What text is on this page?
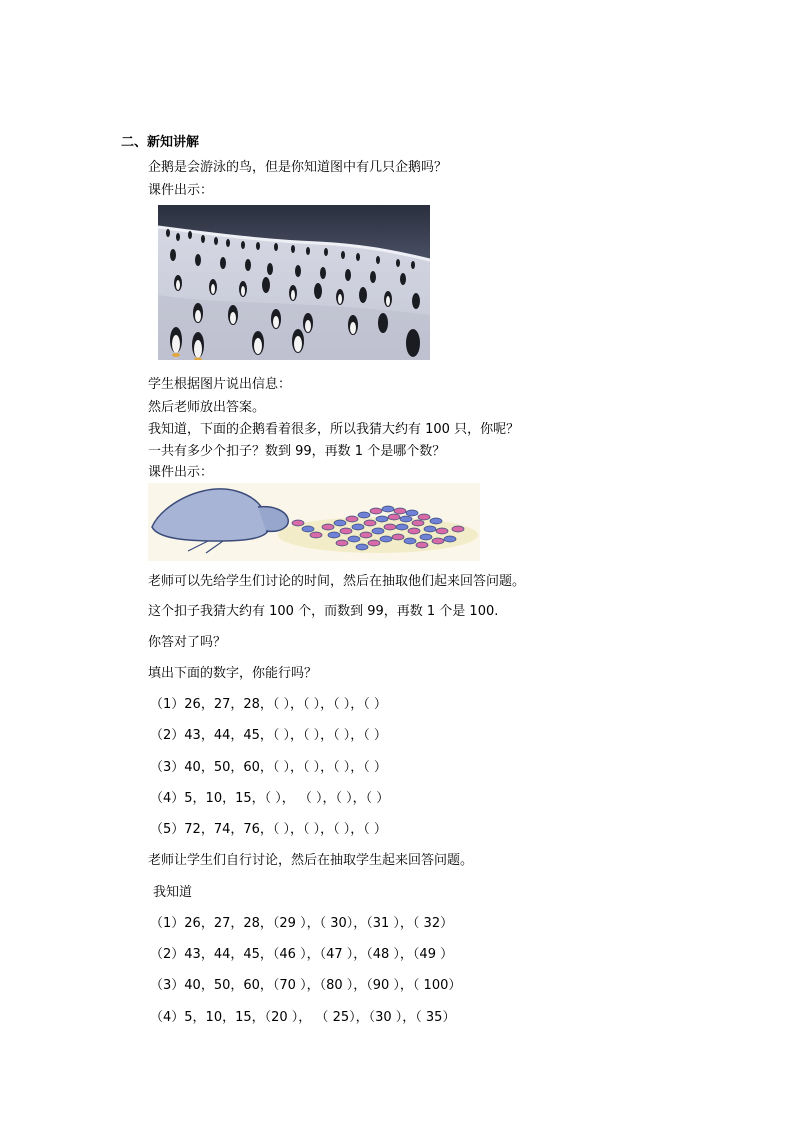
二、新知讲解
企鹅是会游泳的鸟，但是你知道图中有几只企鹅吗？
课件出示：
学生根据图片说出信息：
然后老师放出答案。
我知道，下面的企鹅看着很多，所以我猜大约有 100 只，你呢？
一共有多少个扣子？数到 99，再数 1 个是哪个数？
课件出示：
老师可以先给学生们讨论的时间，然后在抽取他们起来回答问题。
这个扣子我猜大约有 100 个，而数到 99，再数 1 个是 100.
你答对了吗？
填出下面的数字，你能行吗？
（1）26，27，28，（ ），（ ），（ ），（ ）
（2）43，44，45，（ ），（ ），（ ），（ ）
（3）40，50，60，（ ），（ ），（ ），（ ）
（4）5，10，15，（ ）， （ ），（ ），（ ）
（5）72，74，76，（ ），（ ），（ ），（ ）
老师让学生们自行讨论，然后在抽取学生起来回答问题。
我知道
（1）26，27，28，（29 ），（ 30），（31 ），（ 32）
（2）43，44，45，（46 ），（47 ），（48 ），（49 ）
（3）40，50，60，（70 ），（80 ），（90 ），（ 100）
（4）5，10，15，（20 ）， （ 25），（30 ），（ 35）
